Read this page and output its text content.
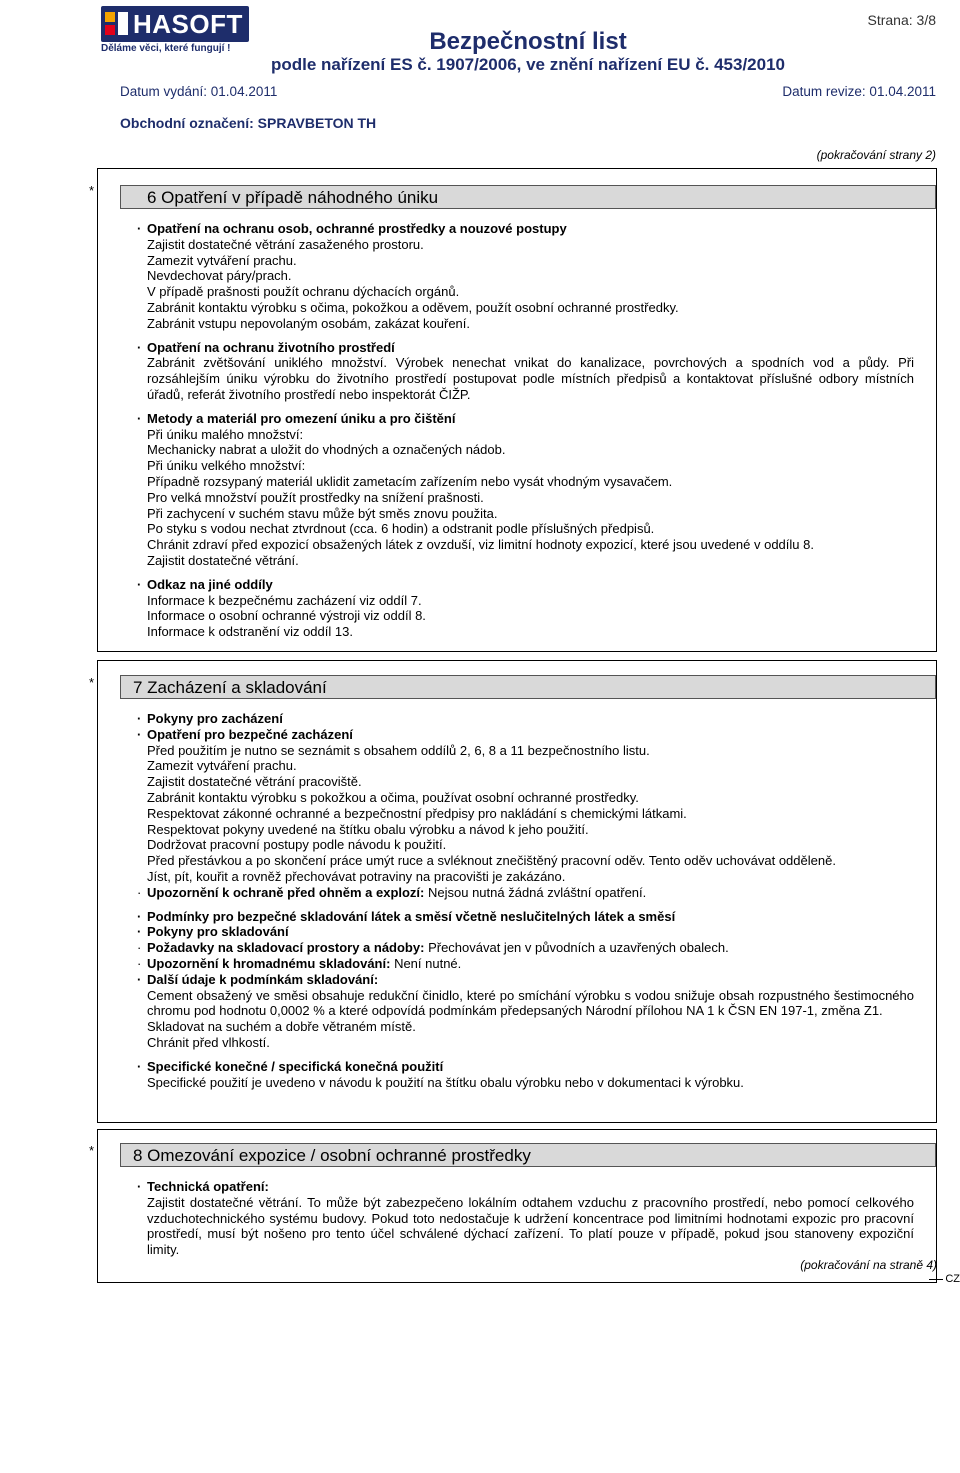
HASOFT
Děláme věci, které fungují !
Strana: 3/8
Bezpečnostní list
podle nařízení ES č. 1907/2006, ve znění nařízení EU č. 453/2010
Datum vydání: 01.04.2011	Datum revize: 01.04.2011
Obchodní označení: SPRAVBETON TH
(pokračování strany 2)
*	6 Opatření v případě náhodného úniku
· Opatření na ochranu osob, ochranné prostředky a nouzové postupy
Zajistit dostatečné větrání zasaženého prostoru.
Zamezit vytváření prachu.
Nevdechovat páry/prach.
V případě prašnosti použít ochranu dýchacích orgánů.
Zabránit kontaktu výrobku s očima, pokožkou a oděvem, použít osobní ochranné prostředky.
Zabránit vstupu nepovolaným osobám, zakázat kouření.
· Opatření na ochranu životního prostředí
Zabránit zvětšování uniklého množství. Výrobek nenechat vnikat do kanalizace, povrchových a spodních vod a půdy. Při rozsáhlejším úniku výrobku do životního prostředí postupovat podle místních předpisů a kontaktovat příslušné odbory místních úřadů, referát životního prostředí nebo inspektorát ČIŽP.
· Metody a materiál pro omezení úniku a pro čištění
Při úniku malého množství:
Mechanicky nabrat a uložit do vhodných a označených nádob.
Při úniku velkého množství:
Případně rozsypaný materiál uklidit zametacím zařízením nebo vysát vhodným vysavačem.
Pro velká množství použít prostředky na snížení prašnosti.
Při zachycení v suchém stavu může být směs znovu použita.
Po styku s vodou nechat ztvrdnout (cca. 6 hodin) a odstranit podle příslušných předpisů.
Chránit zdraví před expozicí obsažených látek z ovzduší, viz limitní hodnoty expozicí, které jsou uvedené v oddílu 8.
Zajistit dostatečné větrání.
· Odkaz na jiné oddíly
Informace k bezpečnému zacházení viz oddíl 7.
Informace o osobní ochranné výstroji viz oddíl 8.
Informace k odstranění viz oddíl 13.
*	7 Zacházení a skladování
· Pokyny pro zacházení
· Opatření pro bezpečné zacházení
Před použitím je nutno se seznámit s obsahem oddílů 2, 6, 8 a 11 bezpečnostního listu.
Zamezit vytváření prachu.
Zajistit dostatečné větrání pracoviště.
Zabránit kontaktu výrobku s pokožkou a očima, používat osobní ochranné prostředky.
Respektovat zákonné ochranné a bezpečnostní předpisy pro nakládání s chemickými látkami.
Respektovat pokyny uvedené na štítku obalu výrobku a návod k jeho použití.
Dodržovat pracovní postupy podle návodu k použití.
Před přestávkou a po skončení práce umýt ruce a svléknout znečištěný pracovní oděv. Tento oděv uchovávat odděleně.
Jíst, pít, kouřit a rovněž přechovávat potraviny na pracovišti je zakázáno.
· Upozornění k ochraně před ohněm a explozí: Nejsou nutná žádná zvláštní opatření.
· Podmínky pro bezpečné skladování látek a směsí včetně neslučitelných látek a směsí
· Pokyny pro skladování
· Požadavky na skladovací prostory a nádoby: Přechovávat jen v původních a uzavřených obalech.
· Upozornění k hromadnému skladování: Není nutné.
· Další údaje k podmínkám skladování:
Cement obsažený ve směsi obsahuje redukční činidlo, které po smíchání výrobku s vodou snižuje obsah rozpustného šestimocného chromu pod hodnotu 0,0002 % a které odpovídá podmínkám předepsaných Národní přílohou NA 1 k ČSN EN 197-1, změna Z1.
Skladovat na suchém a dobře větraném místě.
Chránit před vlhkostí.
· Specifické konečné / specifická konečná použití
Specifické použití je uvedeno v návodu k použití na štítku obalu výrobku nebo v dokumentaci k výrobku.
*	8 Omezování expozice / osobní ochranné prostředky
· Technická opatření:
Zajistit dostatečné větrání. To může být zabezpečeno lokálním odtahem vzduchu z pracovního prostředí, nebo pomocí celkového vzduchotechnického systému budovy. Pokud toto nedostačuje k udržení koncentrace pod limitními hodnotami expozic pro pracovní prostředí, musí být nošeno pro tento účel schválené dýchací zařízení. To platí pouze v případě, pokud jsou stanoveny expoziční limity.
(pokračování na straně 4)
CZ
